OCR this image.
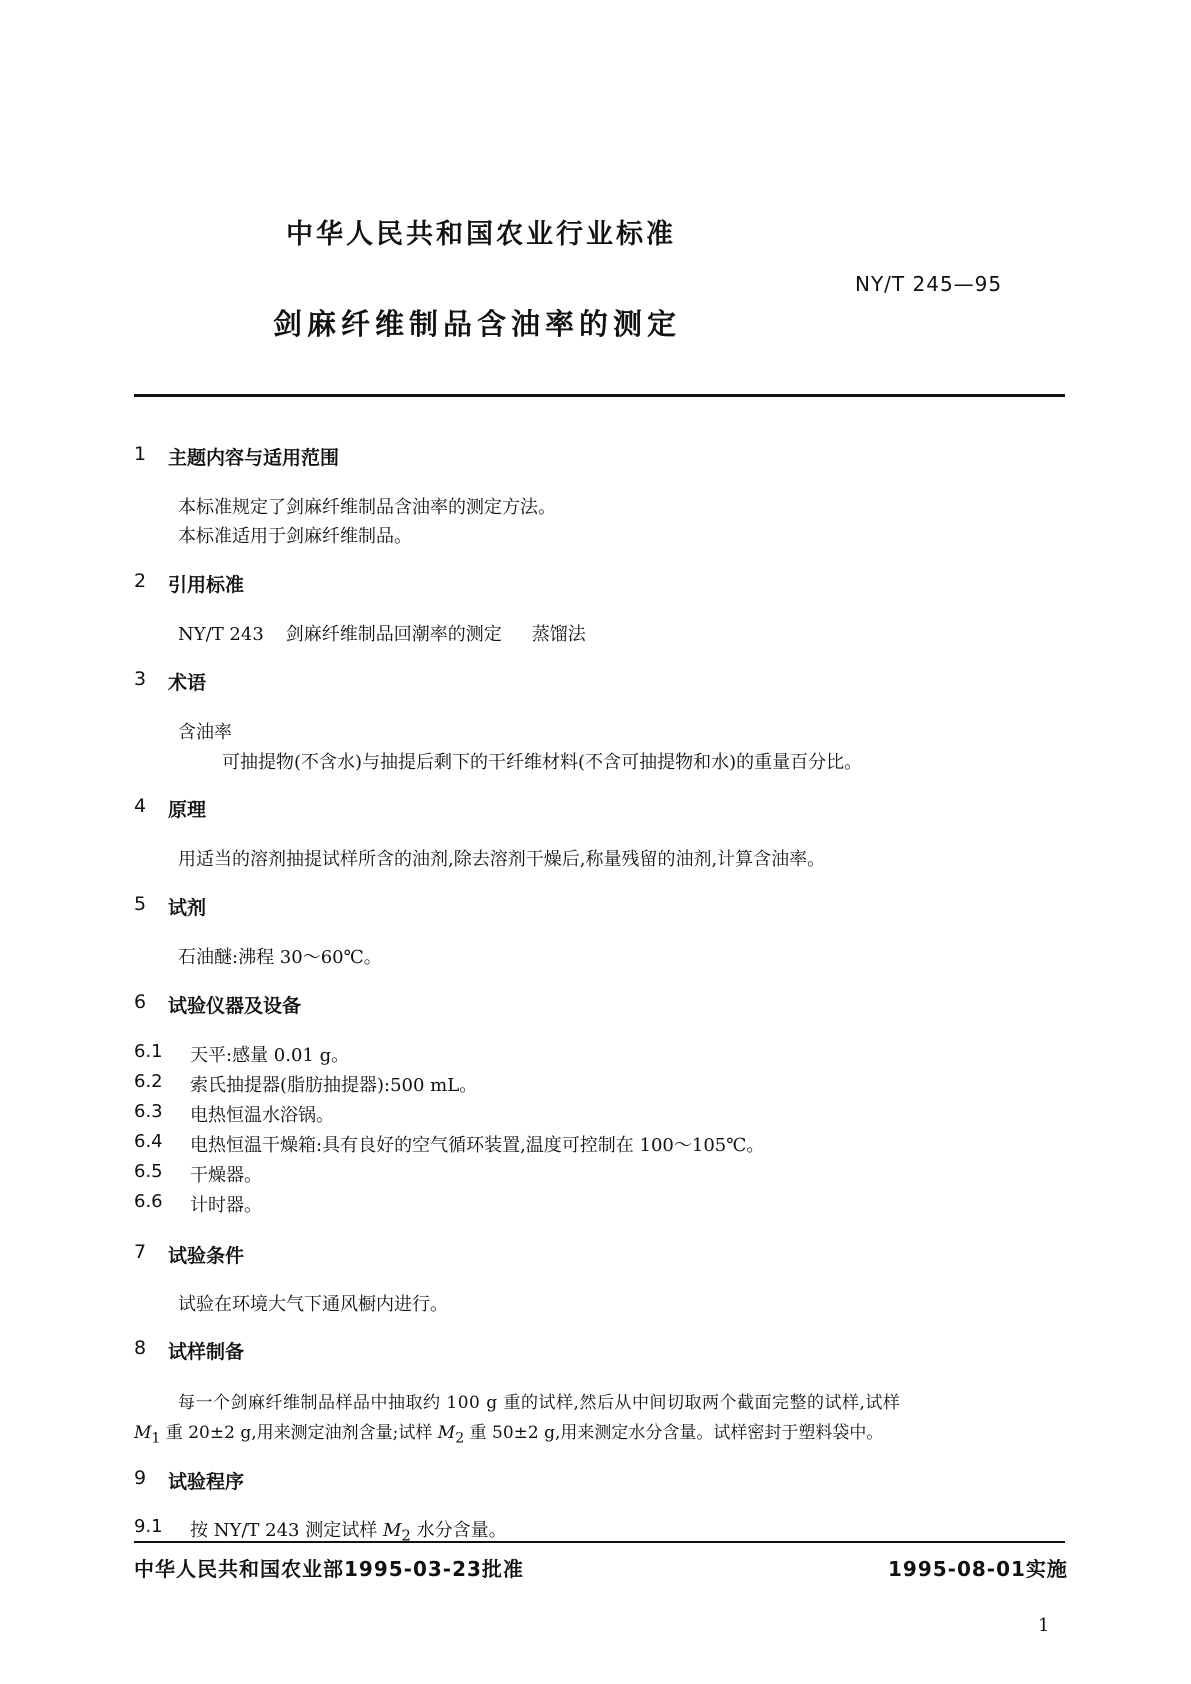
中华人民共和国农业行业标准
NY/T 245—95
剑麻纤维制品含油率的测定
1 主题内容与适用范围
本标准规定了剑麻纤维制品含油率的测定方法。
本标准适用于剑麻纤维制品。
2 引用标准
NY/T 243 剑麻纤维制品回潮率的测定 蒸馏法
3 术语
含油率
可抽提物(不含水)与抽提后剩下的干纤维材料(不含可抽提物和水)的重量百分比。
4 原理
用适当的溶剂抽提试样所含的油剂,除去溶剂干燥后,称量残留的油剂,计算含油率。
5 试剂
石油醚:沸程 30～60℃。
6 试验仪器及设备
6.1 天平:感量 0.01 g。
6.2 索氏抽提器(脂肪抽提器):500 mL。
6.3 电热恒温水浴锅。
6.4 电热恒温干燥箱:具有良好的空气循环装置,温度可控制在 100～105℃。
6.5 干燥器。
6.6 计时器。
7 试验条件
试验在环境大气下通风橱内进行。
8 试样制备
每一个剑麻纤维制品样品中抽取约 100 g 重的试样,然后从中间切取两个截面完整的试样,试样
$M_1$ 重 20±2 g,用来测定油剂含量;试样 $M_2$ 重 50±2 g,用来测定水分含量。试样密封于塑料袋中。
9 试验程序
9.1 按 NY/T 243 测定试样 $M_2$ 水分含量。
中华人民共和国农业部1995-03-23批准	1995-08-01实施
1
